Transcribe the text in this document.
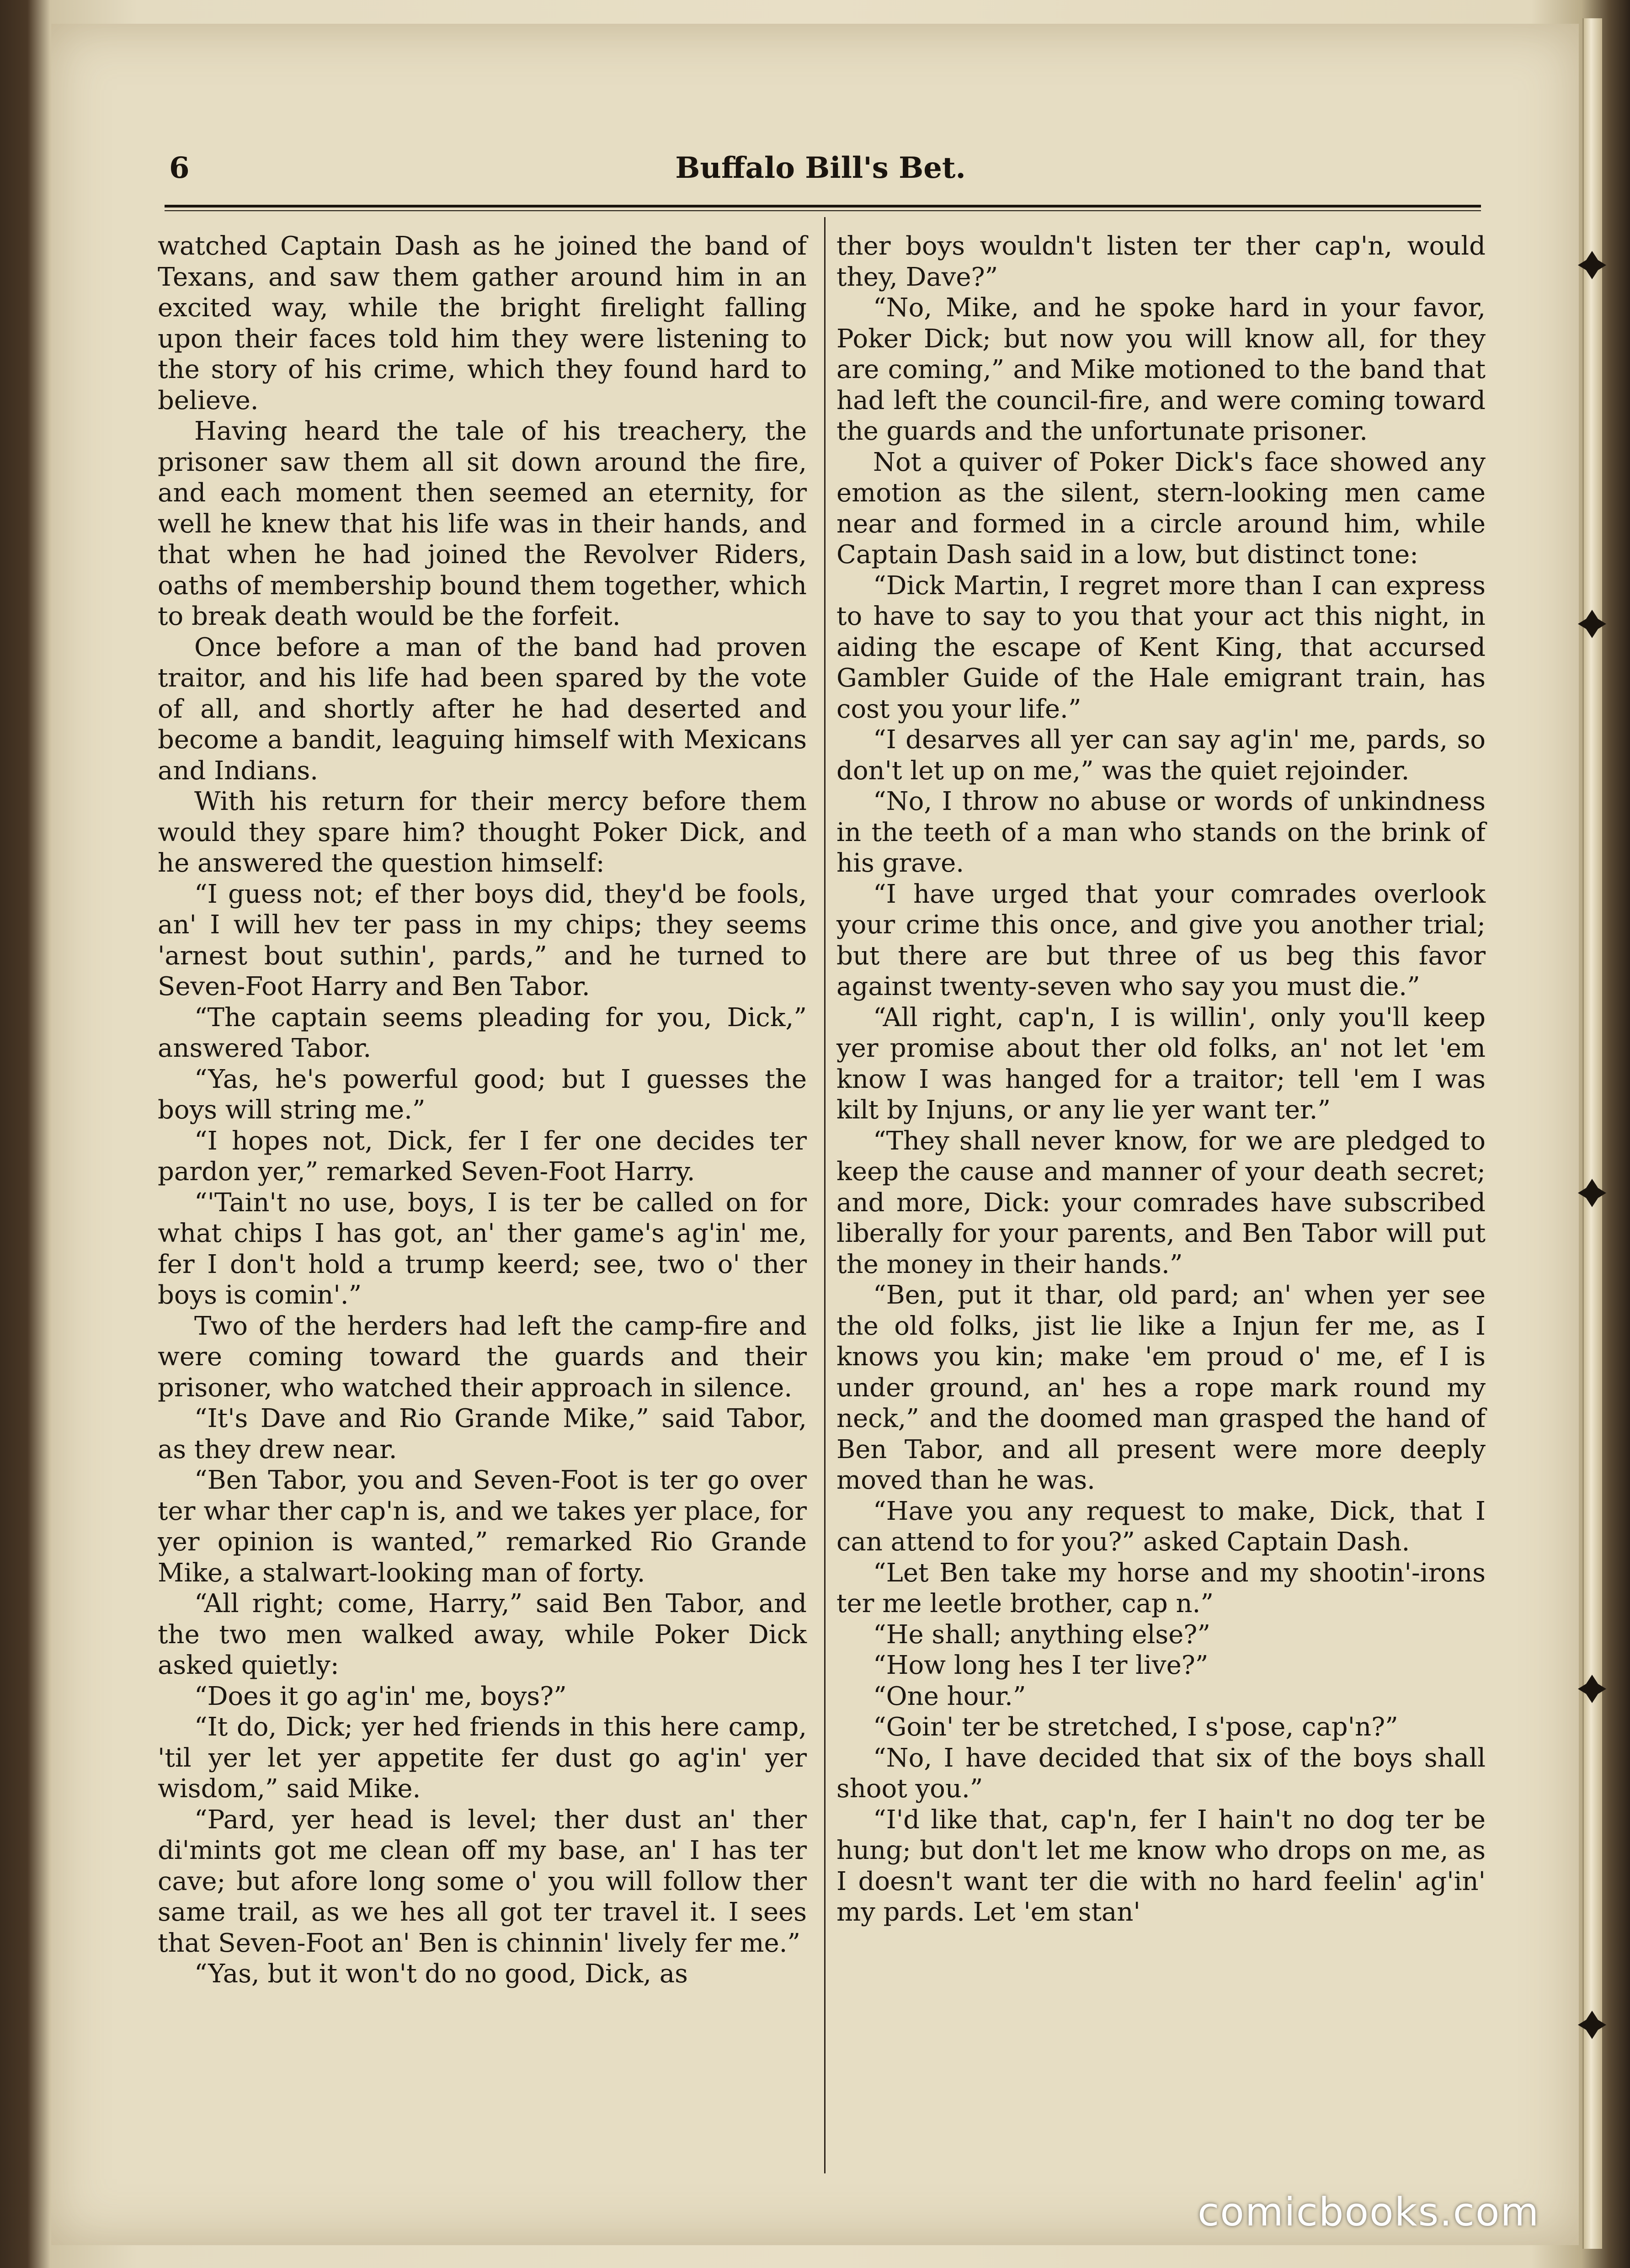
6	Buffalo Bill's Bet.

watched Captain Dash as he joined the band of Texans, and saw them gather around him in an excited way, while the bright firelight falling upon their faces told him they were listening to the story of his crime, which they found hard to believe.

Having heard the tale of his treachery, the prisoner saw them all sit down around the fire, and each moment then seemed an eternity, for well he knew that his life was in their hands, and that when he had joined the Revolver Riders, oaths of membership bound them together, which to break death would be the forfeit.

Once before a man of the band had proven traitor, and his life had been spared by the vote of all, and shortly after he had deserted and become a bandit, leaguing himself with Mexicans and Indians.

With his return for their mercy before them would they spare him? thought Poker Dick, and he answered the question himself:

“I guess not; ef ther boys did, they'd be fools, an' I will hev ter pass in my chips; they seems 'arnest bout suthin', pards,” and he turned to Seven-Foot Harry and Ben Tabor.

“The captain seems pleading for you, Dick,” answered Tabor.

“Yas, he's powerful good; but I guesses the boys will string me.”

“I hopes not, Dick, fer I fer one decides ter pardon yer,” remarked Seven-Foot Harry.

“'Tain't no use, boys, I is ter be called on for what chips I has got, an' ther game's ag'in' me, fer I don't hold a trump keerd; see, two o' ther boys is comin'.”

Two of the herders had left the camp-fire and were coming toward the guards and their prisoner, who watched their approach in silence.

“It's Dave and Rio Grande Mike,” said Tabor, as they drew near.

“Ben Tabor, you and Seven-Foot is ter go over ter whar ther cap'n is, and we takes yer place, for yer opinion is wanted,” remarked Rio Grande Mike, a stalwart-looking man of forty.

“All right; come, Harry,” said Ben Tabor, and the two men walked away, while Poker Dick asked quietly:

“Does it go ag'in' me, boys?”

“It do, Dick; yer hed friends in this here camp, 'til yer let yer appetite fer dust go ag'in' yer wisdom,” said Mike.

“Pard, yer head is level; ther dust an' ther di'mints got me clean off my base, an' I has ter cave; but afore long some o' you will follow ther same trail, as we hes all got ter travel it. I sees that Seven-Foot an' Ben is chinnin' lively fer me.”

“Yas, but it won't do no good, Dick, as

ther boys wouldn't listen ter ther cap'n, would they, Dave?”

“No, Mike, and he spoke hard in your favor, Poker Dick; but now you will know all, for they are coming,” and Mike motioned to the band that had left the council-fire, and were coming toward the guards and the unfortunate prisoner.

Not a quiver of Poker Dick's face showed any emotion as the silent, stern-looking men came near and formed in a circle around him, while Captain Dash said in a low, but distinct tone:

“Dick Martin, I regret more than I can express to have to say to you that your act this night, in aiding the escape of Kent King, that accursed Gambler Guide of the Hale emigrant train, has cost you your life.”

“I desarves all yer can say ag'in' me, pards, so don't let up on me,” was the quiet rejoinder.

“No, I throw no abuse or words of unkindness in the teeth of a man who stands on the brink of his grave.

“I have urged that your comrades overlook your crime this once, and give you another trial; but there are but three of us beg this favor against twenty-seven who say you must die.”

“All right, cap'n, I is willin', only you'll keep yer promise about ther old folks, an' not let 'em know I was hanged for a traitor; tell 'em I was kilt by Injuns, or any lie yer want ter.”

“They shall never know, for we are pledged to keep the cause and manner of your death secret; and more, Dick: your comrades have subscribed liberally for your parents, and Ben Tabor will put the money in their hands.”

“Ben, put it thar, old pard; an' when yer see the old folks, jist lie like a Injun fer me, as I knows you kin; make 'em proud o' me, ef I is under ground, an' hes a rope mark round my neck,” and the doomed man grasped the hand of Ben Tabor, and all present were more deeply moved than he was.

“Have you any request to make, Dick, that I can attend to for you?” asked Captain Dash.

“Let Ben take my horse and my shootin'-irons ter me leetle brother, cap n.”

“He shall; anything else?”

“How long hes I ter live?”

“One hour.”

“Goin' ter be stretched, I s'pose, cap'n?”

“No, I have decided that six of the boys shall shoot you.”

“I'd like that, cap'n, fer I hain't no dog ter be hung; but don't let me know who drops on me, as I doesn't want ter die with no hard feelin' ag'in' my pards. Let 'em stan'

comicbooks.com
